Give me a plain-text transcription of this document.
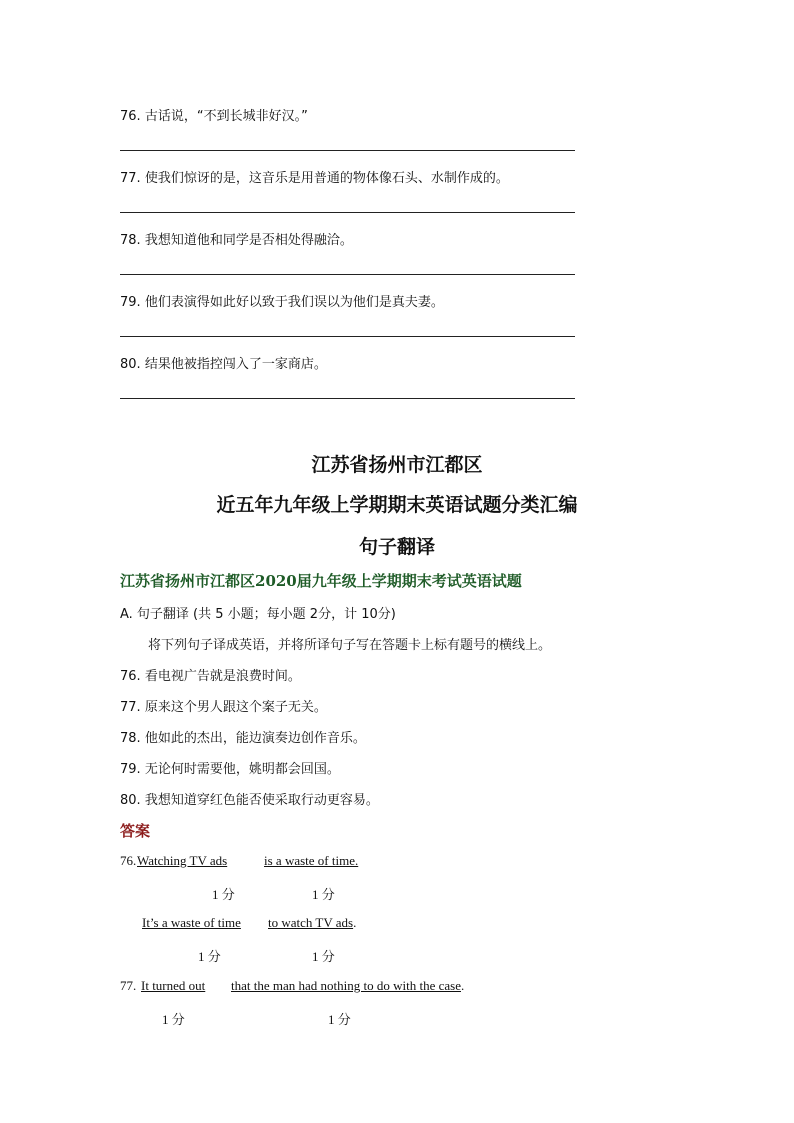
76. 古话说，“不到长城非好汉。”
77. 使我们惊讶的是，这音乐是用普通的物体像石头、水制作成的。
78. 我想知道他和同学是否相处得融洽。
79. 他们表演得如此好以致于我们误以为他们是真夫妻。
80. 结果他被指控闯入了一家商店。
江苏省扬州市江都区
近五年九年级上学期期末英语试题分类汇编
句子翻译
江苏省扬州市江都区2020届九年级上学期期末考试英语试题
A. 句子翻译 (共 5 小题；每小题 2分，计 10分)
将下列句子译成英语，并将所译句子写在答题卡上标有题号的横线上。
76. 看电视广告就是浪费时间。
77. 原来这个男人跟这个案子无关。
78. 他如此的杰出，能边演奏边创作音乐。
79. 无论何时需要他，姚明都会回国。
80. 我想知道穿红色能否使采取行动更容易。
答案
76. Watching TV ads	is a waste of time.
1 分	1 分
It’s a waste of time to watch TV ads.
1 分	1 分
77. It turned out that the man had nothing to do with the case.
1 分	1 分
